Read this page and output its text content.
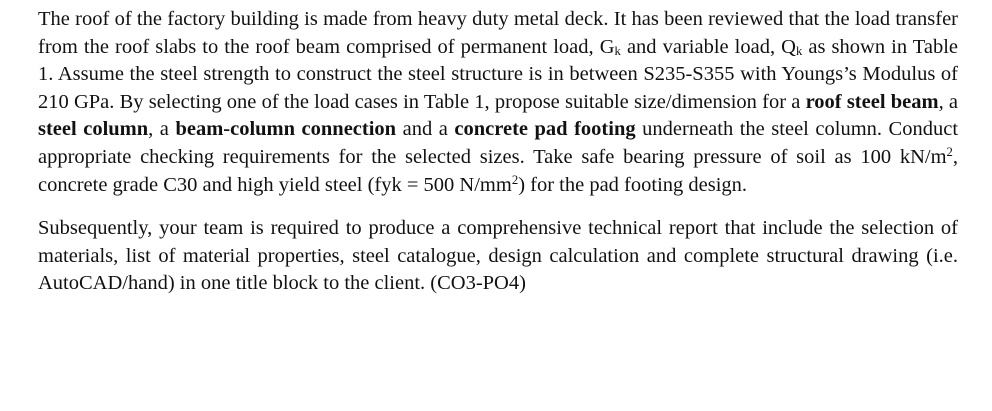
The roof of the factory building is made from heavy duty metal deck. It has been reviewed that the load transfer from the roof slabs to the roof beam comprised of permanent load, $G_k$ and variable load, $Q_k$ as shown in Table 1. Assume the steel strength to construct the steel structure is in between S235-S355 with Youngs’s Modulus of 210 GPa. By selecting one of the load cases in Table 1, propose suitable size/dimension for a roof steel beam, a steel column, a beam-column connection and a concrete pad footing underneath the steel column. Conduct appropriate checking requirements for the selected sizes. Take safe bearing pressure of soil as 100 $kN/m^2$, concrete grade C30 and high yield steel (fyk = 500 $N/mm^2$) for the pad footing design.

Subsequently, your team is required to produce a comprehensive technical report that include the selection of materials, list of material properties, steel catalogue, design calculation and complete structural drawing (i.e. AutoCAD/hand) in one title block to the client. (CO3-PO4)
